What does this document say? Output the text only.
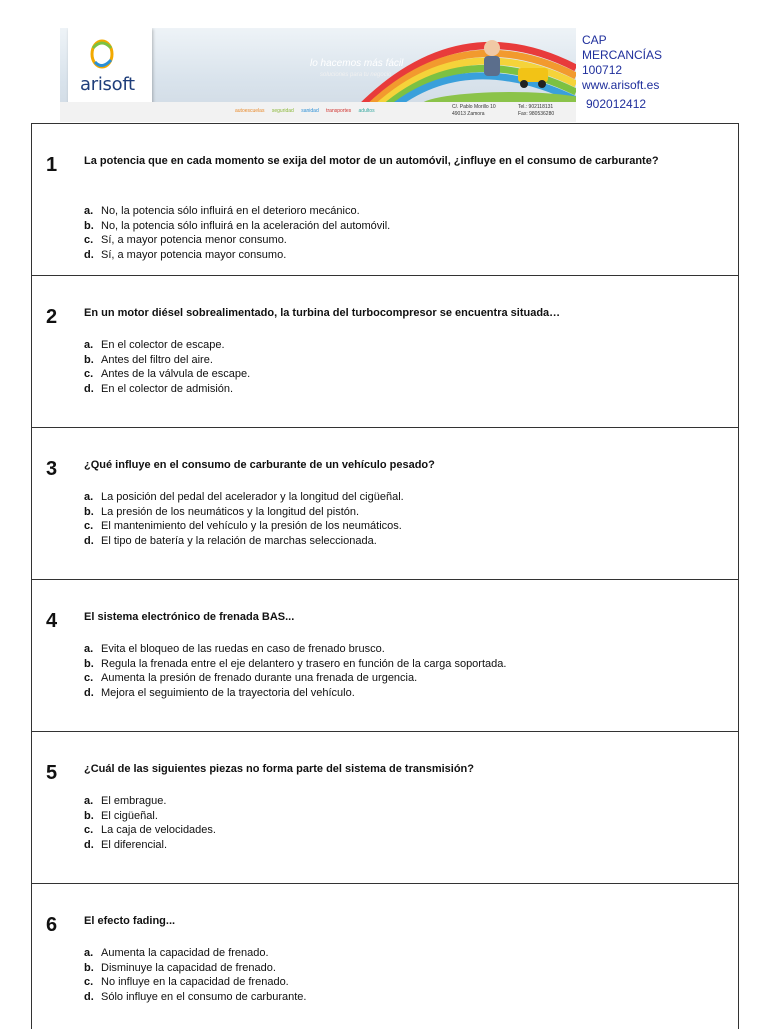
arisoft
lo hacemos más fácil
soluciones para tu negocio
autoescuelas seguridad sanidad transportes adultos
C/. Pablo Morillo 10
49013 Zamora
Tel.: 902118131
Fax: 980536280
CAP
MERCANCÍAS
100712
www.arisoft.es
902012412
1 La potencia que en cada momento se exija del motor de un automóvil, ¿influye en el consumo de carburante?
a. No, la potencia sólo influirá en el deterioro mecánico.
b. No, la potencia sólo influirá en la aceleración del automóvil.
c. Sí, a mayor potencia menor consumo.
d. Sí, a mayor potencia mayor consumo.
2 En un motor diésel sobrealimentado, la turbina del turbocompresor se encuentra situada…
a. En el colector de escape.
b. Antes del filtro del aire.
c. Antes de la válvula de escape.
d. En el colector de admisión.
3 ¿Qué influye en el consumo de carburante de un vehículo pesado?
a. La posición del pedal del acelerador y la longitud del cigüeñal.
b. La presión de los neumáticos y la longitud del pistón.
c. El mantenimiento del vehículo y la presión de los neumáticos.
d. El tipo de batería y la relación de marchas seleccionada.
4 El sistema electrónico de frenada BAS...
a. Evita el bloqueo de las ruedas en caso de frenado brusco.
b. Regula la frenada entre el eje delantero y trasero en función de la carga soportada.
c. Aumenta la presión de frenado durante una frenada de urgencia.
d. Mejora el seguimiento de la trayectoria del vehículo.
5 ¿Cuál de las siguientes piezas no forma parte del sistema de transmisión?
a. El embrague.
b. El cigüeñal.
c. La caja de velocidades.
d. El diferencial.
6 El efecto fading...
a. Aumenta la capacidad de frenado.
b. Disminuye la capacidad de frenado.
c. No influye en la capacidad de frenado.
d. Sólo influye en el consumo de carburante.
